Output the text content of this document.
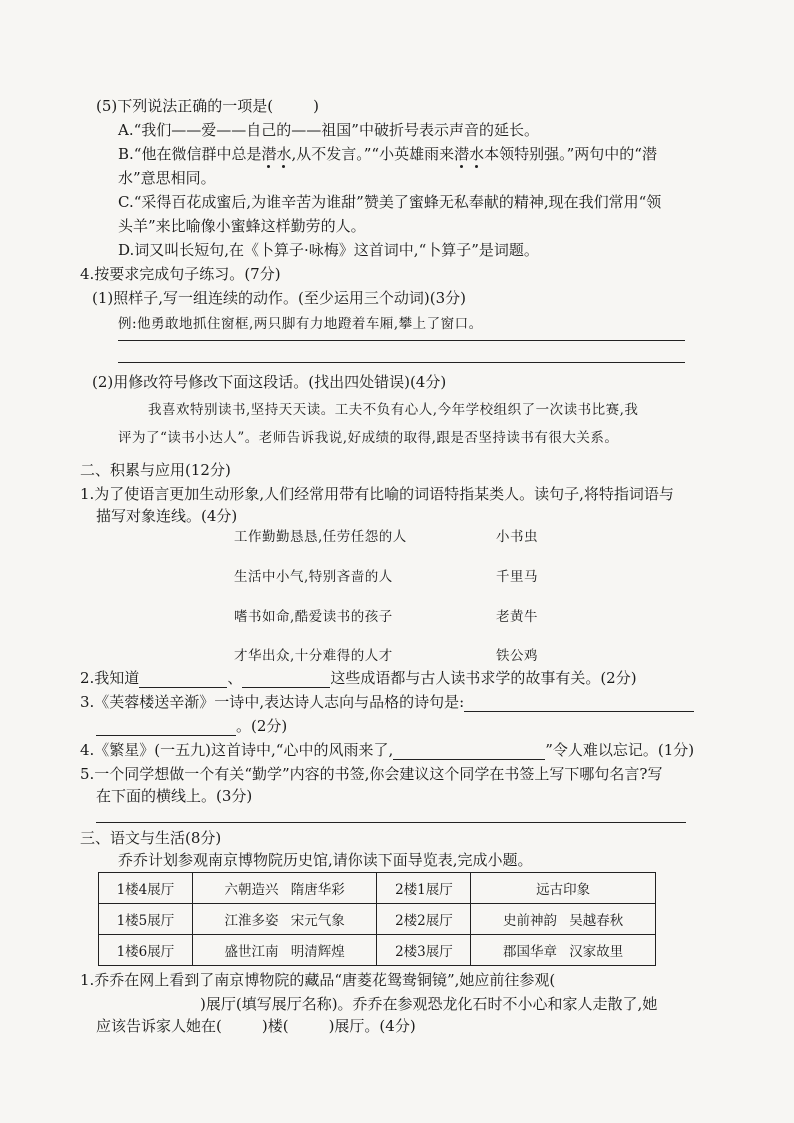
(5)下列说法正确的一项是(	)
A.“我们——爱——自己的——祖国”中破折号表示声音的延长。
B.“他在微信群中总是潜水,从不发言。”“小英雄雨来潜水本领特别强。”两句中的“潜
水”意思相同。
C.“采得百花成蜜后,为谁辛苦为谁甜”赞美了蜜蜂无私奉献的精神,现在我们常用“领
头羊”来比喻像小蜜蜂这样勤劳的人。
D.词又叫长短句,在《卜算子·咏梅》这首词中,“卜算子”是词题。
4.按要求完成句子练习。(7分)
(1)照样子,写一组连续的动作。(至少运用三个动词)(3分)
例:他勇敢地抓住窗框,两只脚有力地蹬着车厢,攀上了窗口。
(2)用修改符号修改下面这段话。(找出四处错误)(4分)
我喜欢特别读书,坚持天天读。工夫不负有心人,今年学校组织了一次读书比赛,我
评为了“读书小达人”。老师告诉我说,好成绩的取得,跟是否坚持读书有很大关系。
二、积累与应用(12分)
1.为了使语言更加生动形象,人们经常用带有比喻的词语特指某类人。读句子,将特指词语与
描写对象连线。(4分)
工作勤勤恳恳,任劳任怨的人
生活中小气,特别吝啬的人
嗜书如命,酷爱读书的孩子
才华出众,十分难得的人才
小书虫
千里马
老黄牛
铁公鸡
2.我知道	、	这些成语都与古人读书求学的故事有关。(2分)
3.《芙蓉楼送辛渐》一诗中,表达诗人志向与品格的诗句是:
。(2分)
4.《繁星》(一五九)这首诗中,“心中的风雨来了,	”令人难以忘记。(1分)
5.一个同学想做一个有关“勤学”内容的书签,你会建议这个同学在书签上写下哪句名言?写
在下面的横线上。(3分)
三、语文与生活(8分)
乔乔计划参观南京博物院历史馆,请你读下面导览表,完成小题。
1楼4展厅	六朝造兴 隋唐华彩	2楼1展厅	远古印象
1楼5展厅	江淮多姿 宋元气象	2楼2展厅	史前神韵 吴越春秋
1楼6展厅	盛世江南 明清辉煌	2楼3展厅	郡国华章 汉家故里
1.乔乔在网上看到了南京博物院的藏品“唐菱花鸳鸯铜镜”,她应前往参观(
)展厅(填写展厅名称)。乔乔在参观恐龙化石时不小心和家人走散了,她
应该告诉家人她在(	)楼(	)展厅。(4分)
